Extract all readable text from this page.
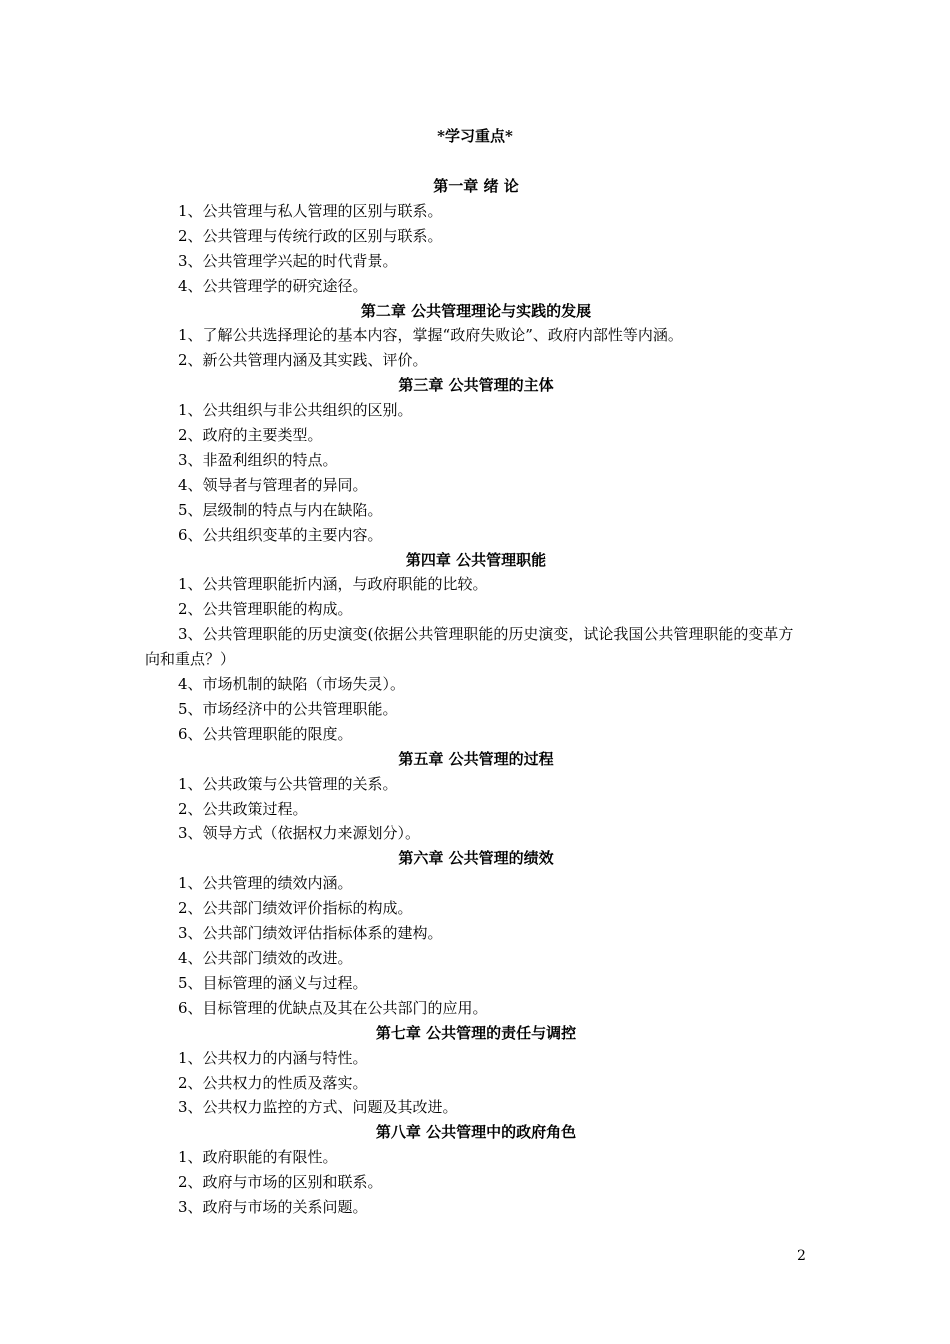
*学习重点*
第一章 绪 论
1、公共管理与私人管理的区别与联系。
2、公共管理与传统行政的区别与联系。
3、公共管理学兴起的时代背景。
4、公共管理学的研究途径。
第二章 公共管理理论与实践的发展
1、了解公共选择理论的基本内容，掌握“政府失败论”、政府内部性等内涵。
2、新公共管理内涵及其实践、评价。
第三章 公共管理的主体
1、公共组织与非公共组织的区别。
2、政府的主要类型。
3、非盈利组织的特点。
4、领导者与管理者的异同。
5、层级制的特点与内在缺陷。
6、公共组织变革的主要内容。
第四章 公共管理职能
1、公共管理职能折内涵，与政府职能的比较。
2、公共管理职能的构成。
3、公共管理职能的历史演变(依据公共管理职能的历史演变，试论我国公共管理职能的变革方向和重点？）
4、市场机制的缺陷（市场失灵）。
5、市场经济中的公共管理职能。
6、公共管理职能的限度。
第五章 公共管理的过程
1、公共政策与公共管理的关系。
2、公共政策过程。
3、领导方式（依据权力来源划分）。
第六章 公共管理的绩效
1、公共管理的绩效内涵。
2、公共部门绩效评价指标的构成。
3、公共部门绩效评估指标体系的建构。
4、公共部门绩效的改进。
5、目标管理的涵义与过程。
6、目标管理的优缺点及其在公共部门的应用。
第七章 公共管理的责任与调控
1、公共权力的内涵与特性。
2、公共权力的性质及落实。
3、公共权力监控的方式、问题及其改进。
第八章 公共管理中的政府角色
1、政府职能的有限性。
2、政府与市场的区别和联系。
3、政府与市场的关系问题。
2
